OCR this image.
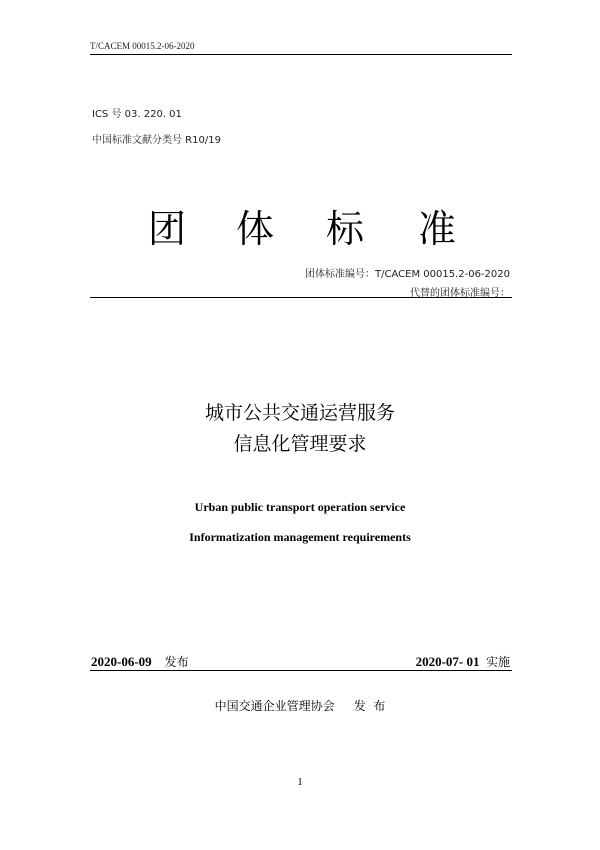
T/CACEM 00015.2-06-2020
ICS 号 03. 220. 01
中国标准文献分类号 R10/19
团 体 标 准
团体标准编号：T/CACEM 00015.2-06-2020
代替的团体标准编号：
城市公共交通运营服务
信息化管理要求
Urban public transport operation service
Informatization management requirements
2020-06-09 发布	2020-07- 01 实施
中国交通企业管理协会     发  布
1
